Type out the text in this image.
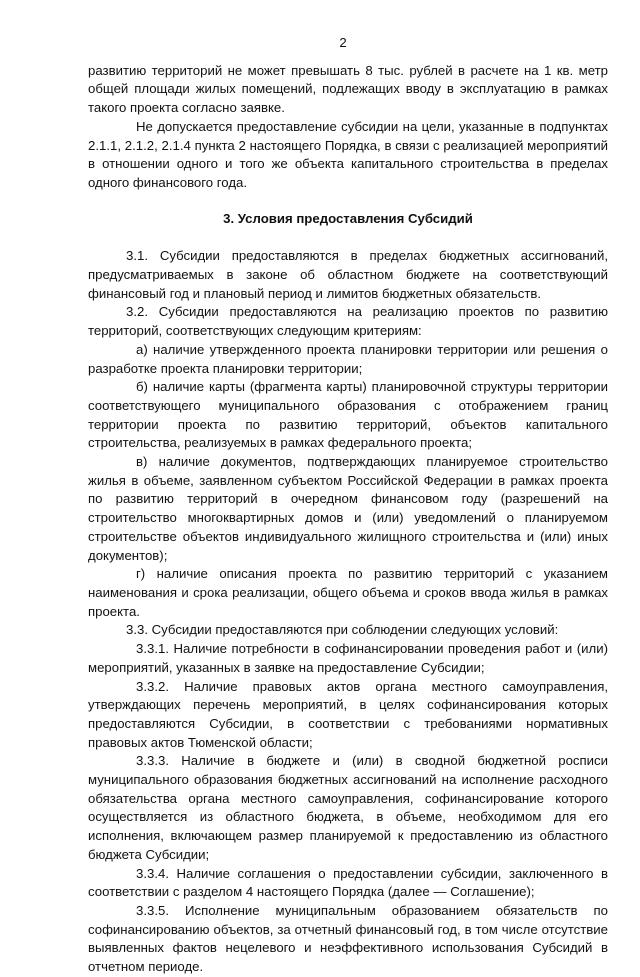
2

развитию территорий не может превышать 8 тыс. рублей в расчете на 1 кв. метр общей площади жилых помещений, подлежащих вводу в эксплуатацию в рамках такого проекта согласно заявке.

Не допускается предоставление субсидии на цели, указанные в подпунктах 2.1.1, 2.1.2, 2.1.4 пункта 2 настоящего Порядка, в связи с реализацией мероприятий в отношении одного и того же объекта капитального строительства в пределах одного финансового года.

3. Условия предоставления Субсидий

3.1. Субсидии предоставляются в пределах бюджетных ассигнований, предусматриваемых в законе об областном бюджете на соответствующий финансовый год и плановый период и лимитов бюджетных обязательств.

3.2. Субсидии предоставляются на реализацию проектов по развитию территорий, соответствующих следующим критериям:

а) наличие утвержденного проекта планировки территории или решения о разработке проекта планировки территории;

б) наличие карты (фрагмента карты) планировочной структуры территории соответствующего муниципального образования с отображением границ территории проекта по развитию территорий, объектов капитального строительства, реализуемых в рамках федерального проекта;

в) наличие документов, подтверждающих планируемое строительство жилья в объеме, заявленном субъектом Российской Федерации в рамках проекта по развитию территорий в очередном финансовом году (разрешений на строительство многоквартирных домов и (или) уведомлений о планируемом строительстве объектов индивидуального жилищного строительства и (или) иных документов);

г) наличие описания проекта по развитию территорий с указанием наименования и срока реализации, общего объема и сроков ввода жилья в рамках проекта.

3.3. Субсидии предоставляются при соблюдении следующих условий:

3.3.1. Наличие потребности в софинансировании проведения работ и (или) мероприятий, указанных в заявке на предоставление Субсидии;

3.3.2. Наличие правовых актов органа местного самоуправления, утверждающих перечень мероприятий, в целях софинансирования которых предоставляются Субсидии, в соответствии с требованиями нормативных правовых актов Тюменской области;

3.3.3. Наличие в бюджете и (или) в сводной бюджетной росписи муниципального образования бюджетных ассигнований на исполнение расходного обязательства органа местного самоуправления, софинансирование которого осуществляется из областного бюджета, в объеме, необходимом для его исполнения, включающем размер планируемой к предоставлению из областного бюджета Субсидии;

3.3.4. Наличие соглашения о предоставлении субсидии, заключенного в соответствии с разделом 4 настоящего Порядка (далее — Соглашение);

3.3.5. Исполнение муниципальным образованием обязательств по софинансированию объектов, за отчетный финансовый год, в том числе отсутствие выявленных фактов нецелевого и неэффективного использования Субсидий в отчетном периоде.
